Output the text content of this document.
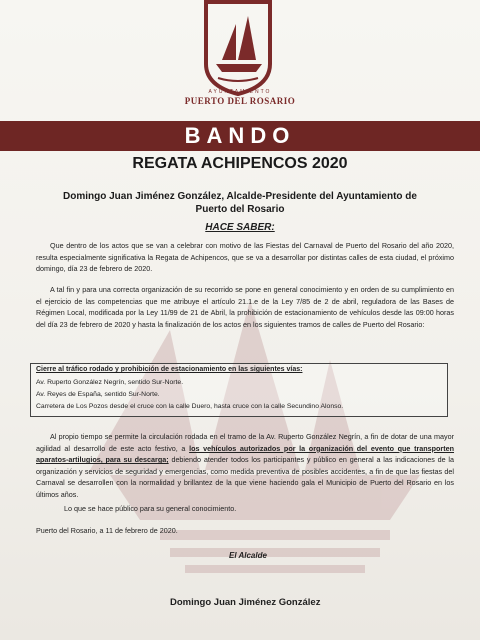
AYUNTAMIENTO
PUERTO DEL ROSARIO
BANDO
REGATA ACHIPENCOS 2020
Domingo Juan Jiménez González, Alcalde-Presidente del Ayuntamiento de
Puerto del Rosario
HACE SABER:
Que dentro de los actos que se van a celebrar con motivo de las Fiestas del Carnaval de Puerto del Rosario del año 2020, resulta especialmente significativa la Regata de Achipencos, que se va a desarrollar por distintas calles de esta ciudad, el próximo domingo, día 23 de febrero de 2020.
A tal fin y para una correcta organización de su recorrido se pone en general conocimiento y en orden de su cumplimiento en el ejercicio de las competencias que me atribuye el artículo 21.1.e de la Ley 7/85 de 2 de abril, reguladora de las Bases de Régimen Local, modificada por la Ley 11/99 de 21 de Abril, la prohibición de estacionamiento de vehículos desde las 09:00 horas del día 23 de febrero de 2020 y hasta la finalización de los actos en los siguientes tramos de calles de Puerto del Rosario:
Cierre al tráfico rodado y prohibición de estacionamiento en las siguientes vías:
Av. Ruperto González Negrín, sentido Sur-Norte.
Av. Reyes de España, sentido Sur-Norte.
Carretera de Los Pozos desde el cruce con la calle Duero, hasta cruce con la calle Secundino Alonso.
Al propio tiempo se permite la circulación rodada en el tramo de la Av. Ruperto González Negrín, a fin de dotar de una mayor agilidad al desarrollo de este acto festivo, a los vehículos autorizados por la organización del evento que transporten aparatos-artilugios, para su descarga; debiendo atender todos los participantes y público en general a las indicaciones de la organización y servicios de seguridad y emergencias, como medida preventiva de posibles accidentes, a fin de que las fiestas del Carnaval se desarrollen con la normalidad y brillantez de la que viene haciendo gala el Municipio de Puerto del Rosario en los últimos años.
Lo que se hace público para su general conocimiento.
Puerto del Rosario, a 11 de febrero de 2020.
El Alcalde
Domingo Juan Jiménez González
